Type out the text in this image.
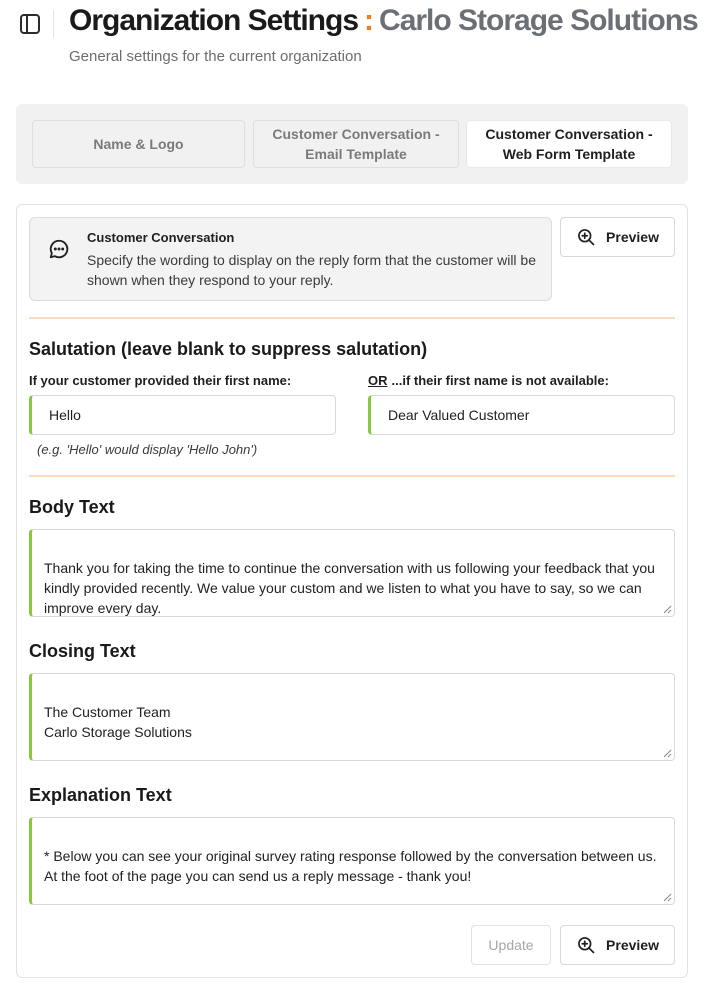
Organization Settings : Carlo Storage Solutions
General settings for the current organization
Name & Logo
Customer Conversation - Email Template
Customer Conversation - Web Form Template
Customer Conversation
Specify the wording to display on the reply form that the customer will be shown when they respond to your reply.
Preview
Salutation (leave blank to suppress salutation)
If your customer provided their first name:	OR ...if their first name is not available:
Hello	Dear Valued Customer
(e.g. 'Hello' would display 'Hello John')
Body Text

Thank you for taking the time to continue the conversation with us following your feedback that you kindly provided recently. We value your custom and we listen to what you have to say, so we can improve every day.

Closing Text

The Customer Team
Carlo Storage Solutions

Explanation Text

* Below you can see your original survey rating response followed by the conversation between us. At the foot of the page you can send us a reply message - thank you!

Update	Preview
